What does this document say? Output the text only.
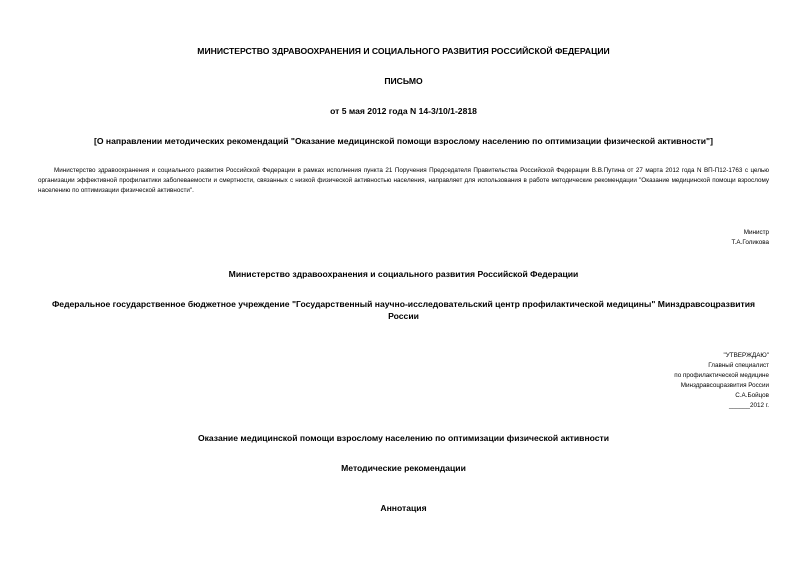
МИНИСТЕРСТВО ЗДРАВООХРАНЕНИЯ И СОЦИАЛЬНОГО РАЗВИТИЯ РОССИЙСКОЙ ФЕДЕРАЦИИ
ПИСЬМО
от 5 мая 2012 года N 14-3/10/1-2818
[О направлении методических рекомендаций "Оказание медицинской помощи взрослому населению по оптимизации физической активности"]
Министерство здравоохранения и социального развития Российской Федерации в рамках исполнения пункта 21 Поручения Председателя Правительства Российской Федерации В.В.Путина от 27 марта 2012 года N ВП-П12-1763 с целью организации эффективной профилактики заболеваемости и смертности, связанных с низкой физической активностью населения, направляет для использования в работе методические рекомендации "Оказание медицинской помощи взрослому населению по оптимизации физической активности".
Министр
Т.А.Голикова
Министерство здравоохранения и социального развития Российской Федерации
Федеральное государственное бюджетное учреждение "Государственный научно-исследовательский центр профилактической медицины" Минздравсоцразвития России
"УТВЕРЖДАЮ"
Главный специалист
по профилактической медицине
Минздравсоцразвития России
С.А.Бойцов
______2012 г.
Оказание медицинской помощи взрослому населению по оптимизации физической активности
Методические рекомендации
Аннотация
